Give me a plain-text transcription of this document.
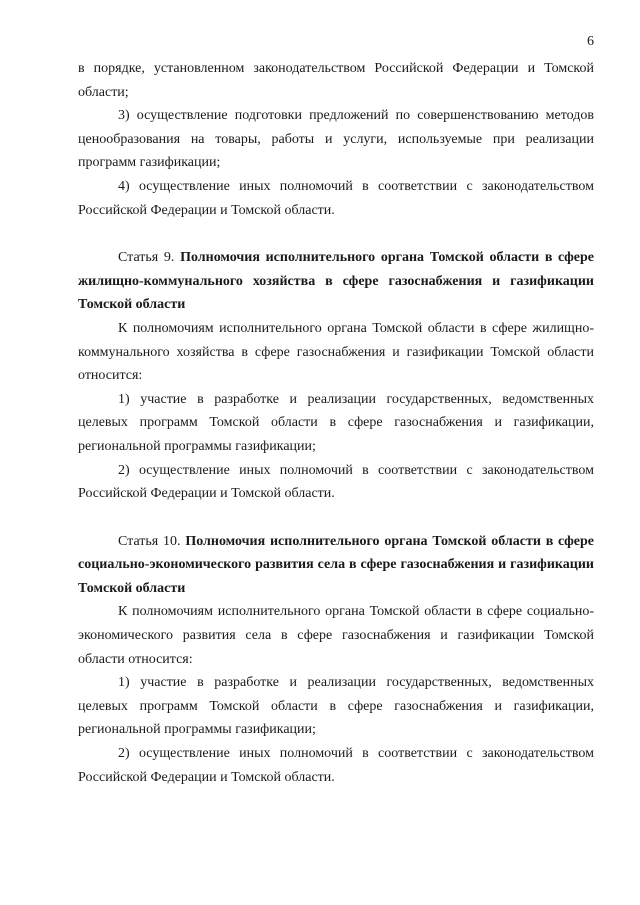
6

в порядке, установленном законодательством Российской Федерации и Томской области;

3) осуществление подготовки предложений по совершенствованию методов ценообразования на товары, работы и услуги, используемые при реализации программ газификации;

4) осуществление иных полномочий в соответствии с законодательством Российской Федерации и Томской области.

Статья 9. Полномочия исполнительного органа Томской области в сфере жилищно-коммунального хозяйства в сфере газоснабжения и газификации Томской области

К полномочиям исполнительного органа Томской области в сфере жилищно-коммунального хозяйства в сфере газоснабжения и газификации Томской области относится:

1) участие в разработке и реализации государственных, ведомственных целевых программ Томской области в сфере газоснабжения и газификации, региональной программы газификации;

2) осуществление иных полномочий в соответствии с законодательством Российской Федерации и Томской области.

Статья 10. Полномочия исполнительного органа Томской области в сфере социально-экономического развития села в сфере газоснабжения и газификации Томской области

К полномочиям исполнительного органа Томской области в сфере социально-экономического развития села в сфере газоснабжения и газификации Томской области относится:

1) участие в разработке и реализации государственных, ведомственных целевых программ Томской области в сфере газоснабжения и газификации, региональной программы газификации;

2) осуществление иных полномочий в соответствии с законодательством Российской Федерации и Томской области.
